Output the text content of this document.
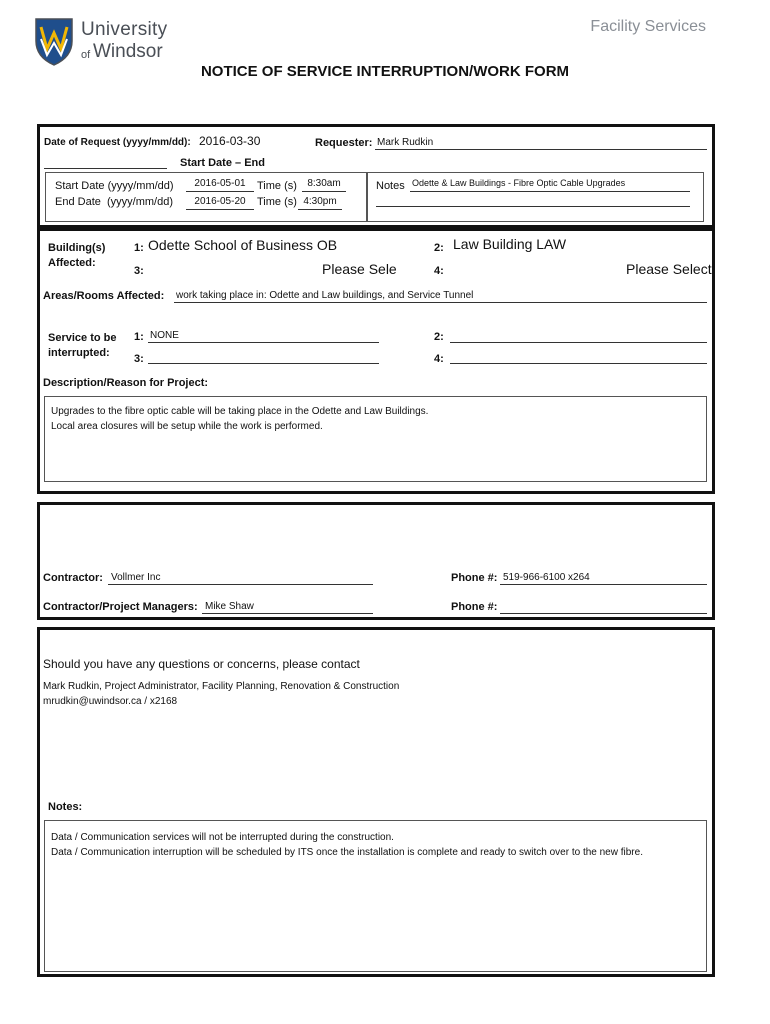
University
of Windsor
Facility Services
NOTICE OF SERVICE INTERRUPTION/WORK FORM
Date of Request (yyyy/mm/dd): 2016-03-30	Requester: Mark Rudkin
Start Date – End
Start Date (yyyy/mm/dd)	2016-05-01	Time (s)	8:30am
End Date  (yyyy/mm/dd)	2016-05-20	Time (s) 4:30pm
Notes Odette & Law Buildings - Fibre Optic Cable Upgrades
Building(s)
Affected:
1: Odette School of Business OB	2: Law Building LAW
3:	Please Sele	4:	Please Select
Areas/Rooms Affected: work taking place in: Odette and Law buildings, and Service Tunnel
Service to be
interrupted:
1: NONE	2:
3:	4:
Description/Reason for Project:
Upgrades to the fibre optic cable will be taking place in the Odette and Law Buildings.
Local area closures will be setup while the work is performed.
Contractor: Vollmer Inc	Phone #: 519-966-6100 x264
Contractor/Project Managers: Mike Shaw	Phone #:
Should you have any questions or concerns, please contact
Mark Rudkin, Project Administrator, Facility Planning, Renovation & Construction
mrudkin@uwindsor.ca / x2168
Notes:
Data / Communication services will not be interrupted during the construction.
Data / Communication interruption will be scheduled by ITS once the installation is complete and ready to switch over to the new fibre.
